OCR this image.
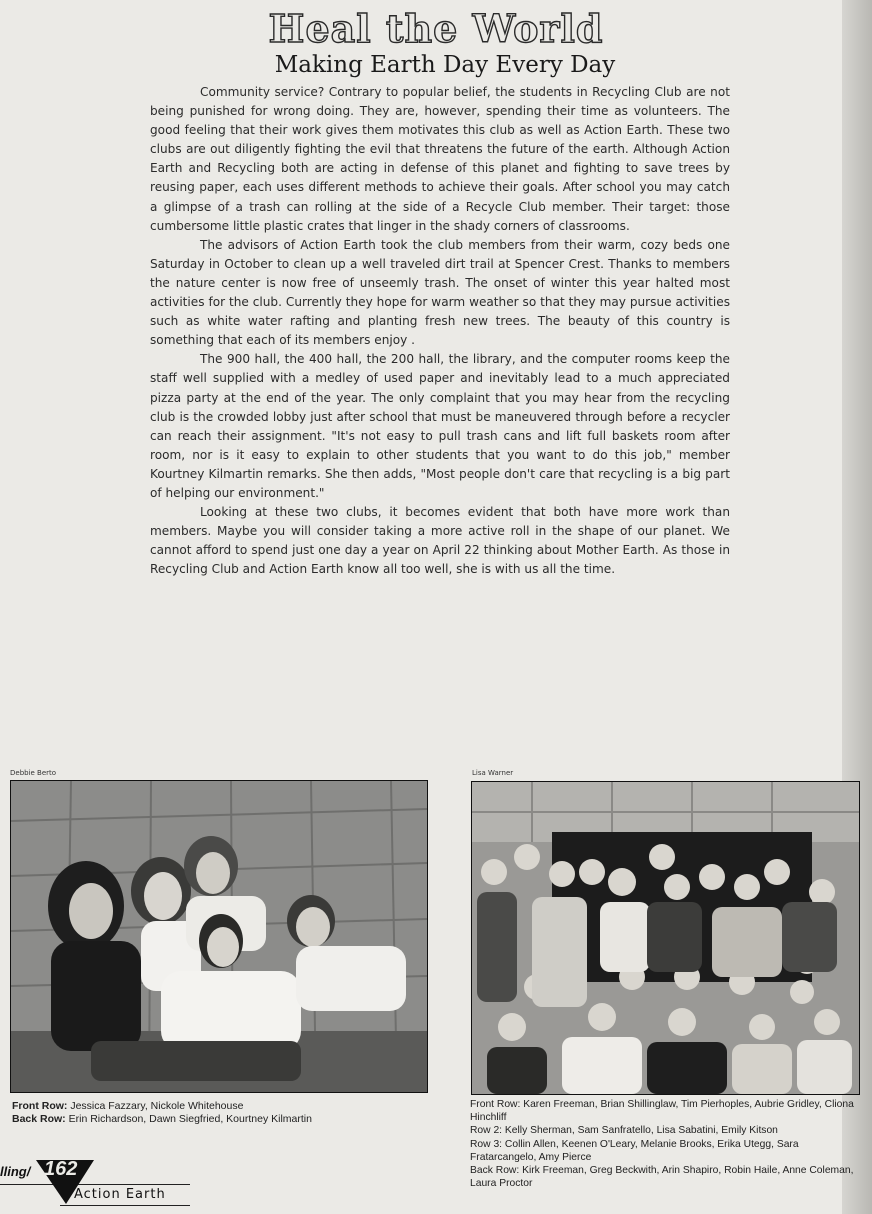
Heal the World
Making Earth Day Every Day

Community service? Contrary to popular belief, the students in Recycling Club are not being punished for wrong doing. They are, however, spending their time as volunteers. The good feeling that their work gives them motivates this club as well as Action Earth. These two clubs are out diligently fighting the evil that threatens the future of the earth. Although Action Earth and Recycling both are acting in defense of this planet and fighting to save trees by reusing paper, each uses different methods to achieve their goals. After school you may catch a glimpse of a trash can rolling at the side of a Recycle Club member. Their target: those cumbersome little plastic crates that linger in the shady corners of classrooms.

The advisors of Action Earth took the club members from their warm, cozy beds one Saturday in October to clean up a well traveled dirt trail at Spencer Crest. Thanks to members the nature center is now free of unseemly trash. The onset of winter this year halted most activities for the club. Currently they hope for warm weather so that they may pursue activities such as white water rafting and planting fresh new trees. The beauty of this country is something that each of its members enjoy .

The 900 hall, the 400 hall, the 200 hall, the library, and the computer rooms keep the staff well supplied with a medley of used paper and inevitably lead to a much appreciated pizza party at the end of the year. The only complaint that you may hear from the recycling club is the crowded lobby just after school that must be maneuvered through before a recycler can reach their assignment. "It's not easy to pull trash cans and lift full baskets room after room, nor is it easy to explain to other students that you want to do this job," member Kourtney Kilmartin remarks. She then adds, "Most people don't care that recycling is a big part of helping our environment."

Looking at these two clubs, it becomes evident that both have more work than members. Maybe you will consider taking a more active roll in the shape of our planet. We cannot afford to spend just one day a year on April 22 thinking about Mother Earth. As those in Recycling Club and Action Earth know all too well, she is with us all the time.

Debbie Berto
Front Row: Jessica Fazzary, Nickole Whitehouse
Back Row: Erin Richardson, Dawn Siegfried, Kourtney Kilmartin
Lisa Warner
Front Row: Karen Freeman, Brian Shillinglaw, Tim Pierhoples, Aubrie Gridley, Cliona Hinchliff
Row 2: Kelly Sherman, Sam Sanfratello, Lisa Sabatini, Emily Kitson
Row 3: Collin Allen, Keenen O'Leary, Melanie Brooks, Erika Utegg, Sara Fratarcangelo, Amy Pierce
Back Row: Kirk Freeman, Greg Beckwith, Arin Shapiro, Robin Haile, Anne Coleman, Laura Proctor
lling/ 162
Action Earth
